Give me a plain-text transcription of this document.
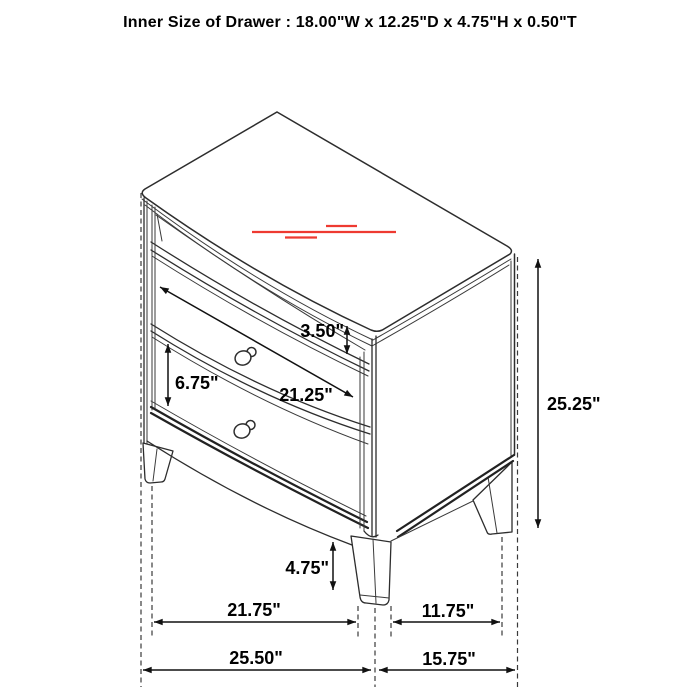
Inner Size of Drawer : 18.00"W x 12.25"D x 4.75"H x 0.50"T
3.50"
6.75"
21.25"	25.25"
4.75"
21.75"	11.75"
25.50"	15.75"
